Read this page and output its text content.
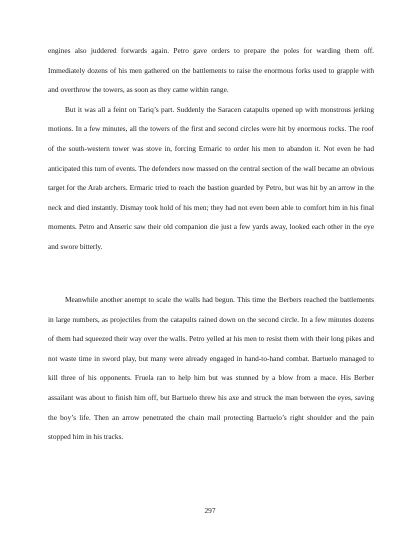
engines also juddered forwards again. Petro gave orders to prepare the poles for warding them off. Immediately dozens of his men gathered on the battlements to raise the enormous forks used to grapple with and overthrow the towers, as soon as they came within range.

But it was all a feint on Tariq’s part. Suddenly the Saracen catapults opened up with monstrous jerking motions. In a few minutes, all the towers of the first and second circles were hit by enormous rocks. The roof of the south-western tower was stove in, forcing Ermaric to order his men to abandon it. Not even he had anticipated this turn of events. The defenders now massed on the central section of the wall became an obvious target for the Arab archers. Ermaric tried to reach the bastion guarded by Petro, but was hit by an arrow in the neck and died instantly. Dismay took hold of his men; they had not even been able to comfort him in his final moments. Petro and Anseric saw their old companion die just a few yards away, looked each other in the eye and swore bitterly.

Meanwhile another anempt to scale the walls had begun. This time the Berbers reached the battlements in large numbers, as projectiles from the catapults rained down on the second circle. In a few minutes dozens of them had squeezed their way over the walls. Petro yelled at his men to resist them with their long pikes and not waste time in sword play, but many were already engaged in hand-to-hand combat. Bartuelo managed to kill three of his opponents. Fruela ran to help him but was stunned by a blow from a mace. His Berber assailant was about to finish him off, but Bartuelo threw his axe and struck the man between the eyes, saving the boy’s life. Then an arrow penetrated the chain mail protecting Bartuelo’s right shoulder and the pain stopped him in his tracks.

297
